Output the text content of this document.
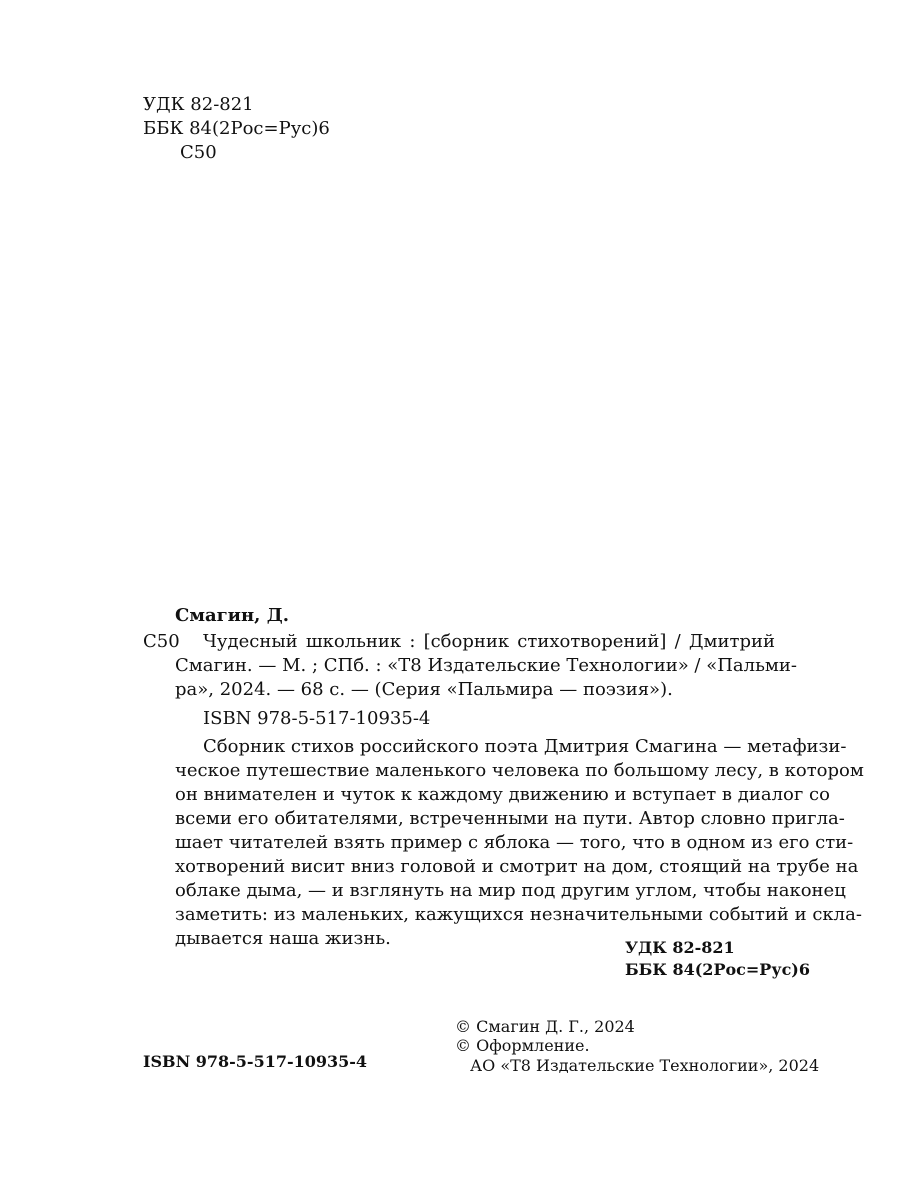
УДК 82-821
ББК 84(2Рос=Рус)6
С50
Смагин, Д.
С50	Чудесный школьник : [сборник стихотворений] / Дмитрий
Смагин. — М. ; СПб. : «Т8 Издательские Технологии» / «Пальми-
ра», 2024. — 68 с. — (Серия «Пальмира — поэзия»).
ISBN 978-5-517-10935-4
Сборник стихов российского поэта Дмитрия Смагина — метафизи-
ческое путешествие маленького человека по большому лесу, в котором
он внимателен и чуток к каждому движению и вступает в диалог со
всеми его обитателями, встреченными на пути. Автор словно пригла-
шает читателей взять пример с яблока — того, что в одном из его сти-
хотворений висит вниз головой и смотрит на дом, стоящий на трубе на
облаке дыма, — и взглянуть на мир под другим углом, чтобы наконец
заметить: из маленьких, кажущихся незначительными событий и скла-
дывается наша жизнь.	УДК 82-821
ББК 84(2Рос=Рус)6
© Смагин Д. Г., 2024
© Оформление.
АО «Т8 Издательские Технологии», 2024
ISBN 978-5-517-10935-4
